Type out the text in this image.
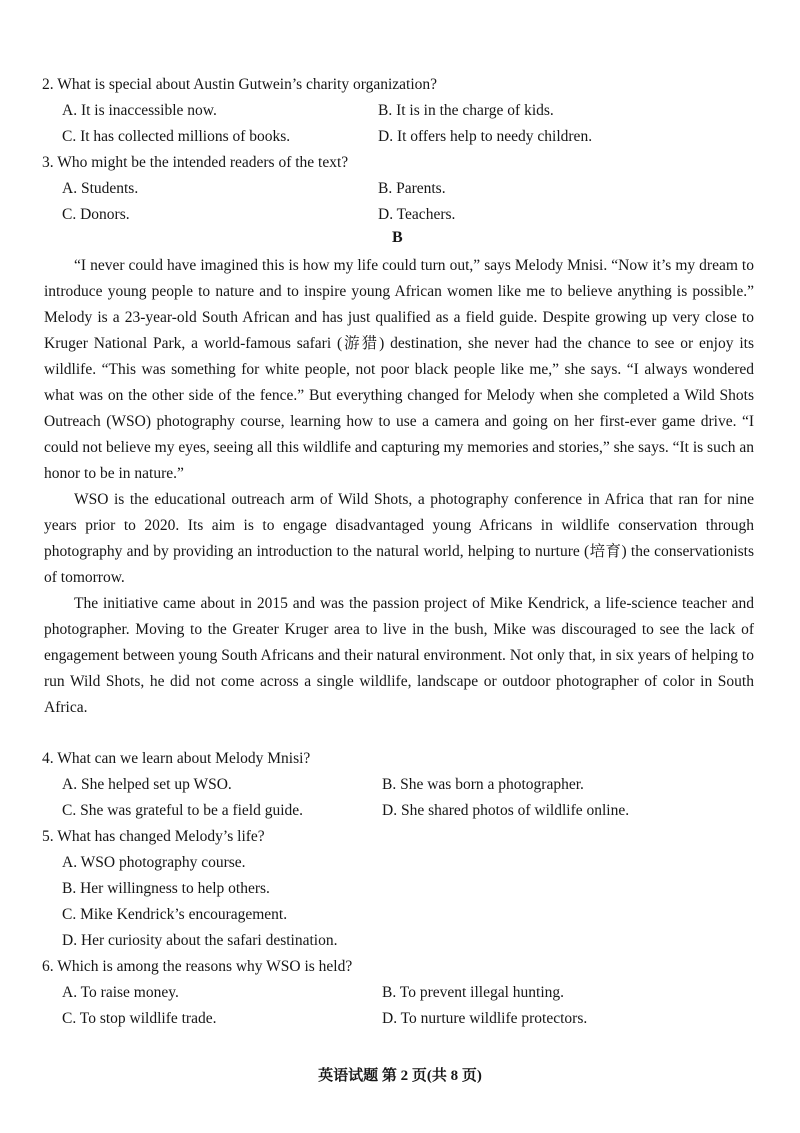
2. What is special about Austin Gutwein’s charity organization?
A. It is inaccessible now.	B. It is in the charge of kids.
C. It has collected millions of books.	D. It offers help to needy children.
3. Who might be the intended readers of the text?
A. Students.	B. Parents.
C. Donors.	D. Teachers.
B

“I never could have imagined this is how my life could turn out,” says Melody Mnisi. “Now it’s my dream to introduce young people to nature and to inspire young African women like me to believe anything is possible.” Melody is a 23-year-old South African and has just qualified as a field guide. Despite growing up very close to Kruger National Park, a world-famous safari (游猎) destination, she never had the chance to see or enjoy its wildlife. “This was something for white people, not poor black people like me,” she says. “I always wondered what was on the other side of the fence.” But everything changed for Melody when she completed a Wild Shots Outreach (WSO) photography course, learning how to use a camera and going on her first-ever game drive. “I could not believe my eyes, seeing all this wildlife and capturing my memories and stories,” she says. “It is such an honor to be in nature.”

WSO is the educational outreach arm of Wild Shots, a photography conference in Africa that ran for nine years prior to 2020. Its aim is to engage disadvantaged young Africans in wildlife conservation through photography and by providing an introduction to the natural world, helping to nurture (培育) the conservationists of tomorrow.

The initiative came about in 2015 and was the passion project of Mike Kendrick, a life-science teacher and photographer. Moving to the Greater Kruger area to live in the bush, Mike was discouraged to see the lack of engagement between young South Africans and their natural environment. Not only that, in six years of helping to run Wild Shots, he did not come across a single wildlife, landscape or outdoor photographer of color in South Africa.

4. What can we learn about Melody Mnisi?
A. She helped set up WSO.	B. She was born a photographer.
C. She was grateful to be a field guide.	D. She shared photos of wildlife online.
5. What has changed Melody’s life?
A. WSO photography course.
B. Her willingness to help others.
C. Mike Kendrick’s encouragement.
D. Her curiosity about the safari destination.
6. Which is among the reasons why WSO is held?
A. To raise money.	B. To prevent illegal hunting.
C. To stop wildlife trade.	D. To nurture wildlife protectors.
英语试题 第 2 页(共 8 页)
